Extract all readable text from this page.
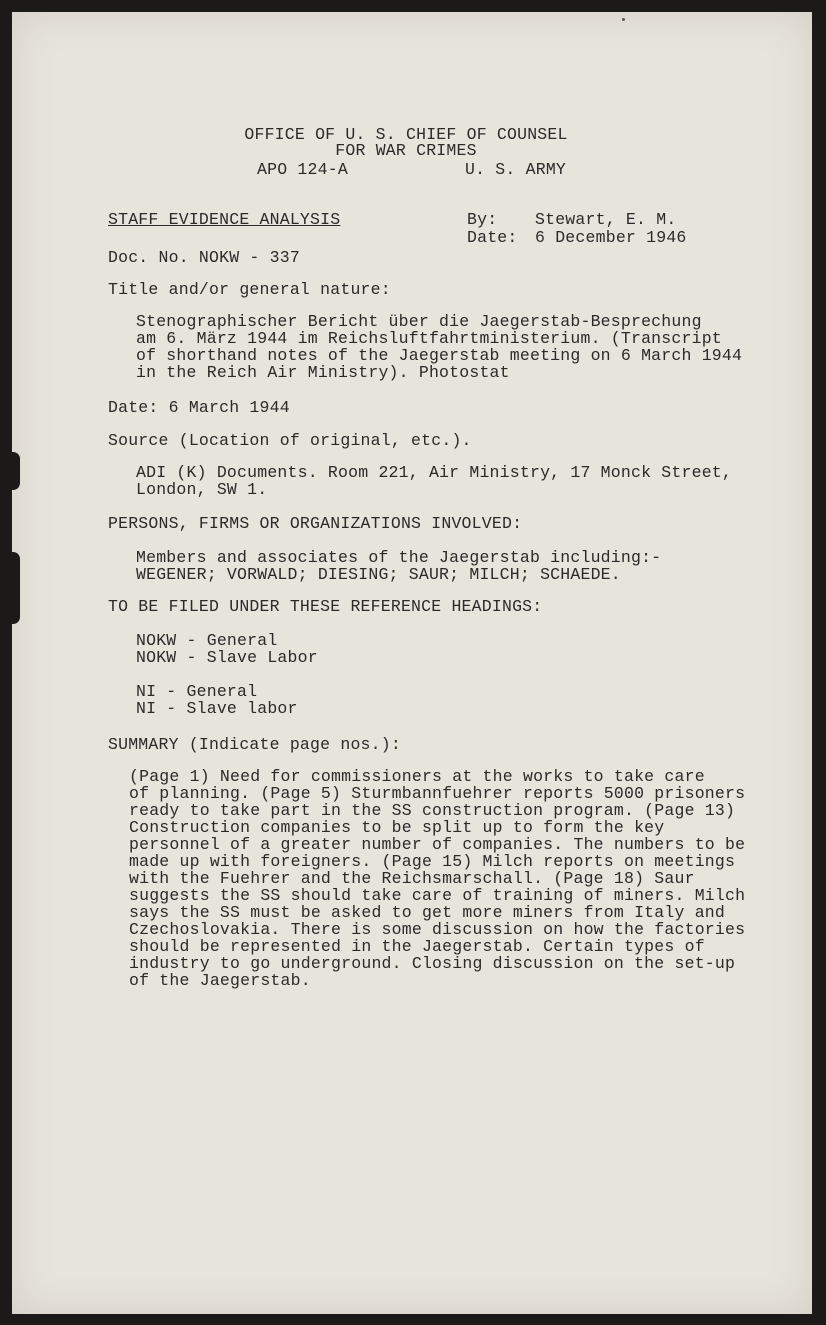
OFFICE OF U. S. CHIEF OF COUNSEL
FOR WAR CRIMES
APO 124-A	U. S. ARMY
STAFF EVIDENCE ANALYSIS	By: Stewart, E. M.
Date: 6 December 1946
Doc. No. NOKW - 337
Title and/or general nature:
Stenographischer Bericht über die Jaegerstab-Besprechung
am 6. März 1944 im Reichsluftfahrtministerium. (Transcript
of shorthand notes of the Jaegerstab meeting on 6 March 1944
in the Reich Air Ministry). Photostat
Date: 6 March 1944
Source (Location of original, etc.).
ADI (K) Documents. Room 221, Air Ministry, 17 Monck Street,
London, SW 1.
PERSONS, FIRMS OR ORGANIZATIONS INVOLVED:
Members and associates of the Jaegerstab including:-
WEGENER; VORWALD; DIESING; SAUR; MILCH; SCHAEDE.
TO BE FILED UNDER THESE REFERENCE HEADINGS:
NOKW - General
NOKW - Slave Labor
NI - General
NI - Slave labor
SUMMARY (Indicate page nos.):
(Page 1) Need for commissioners at the works to take care
of planning. (Page 5) Sturmbannfuehrer reports 5000 prisoners
ready to take part in the SS construction program. (Page 13)
Construction companies to be split up to form the key
personnel of a greater number of companies. The numbers to be
made up with foreigners. (Page 15) Milch reports on meetings
with the Fuehrer and the Reichsmarschall. (Page 18) Saur
suggests the SS should take care of training of miners. Milch
says the SS must be asked to get more miners from Italy and
Czechoslovakia. There is some discussion on how the factories
should be represented in the Jaegerstab. Certain types of
industry to go underground. Closing discussion on the set-up
of the Jaegerstab.
